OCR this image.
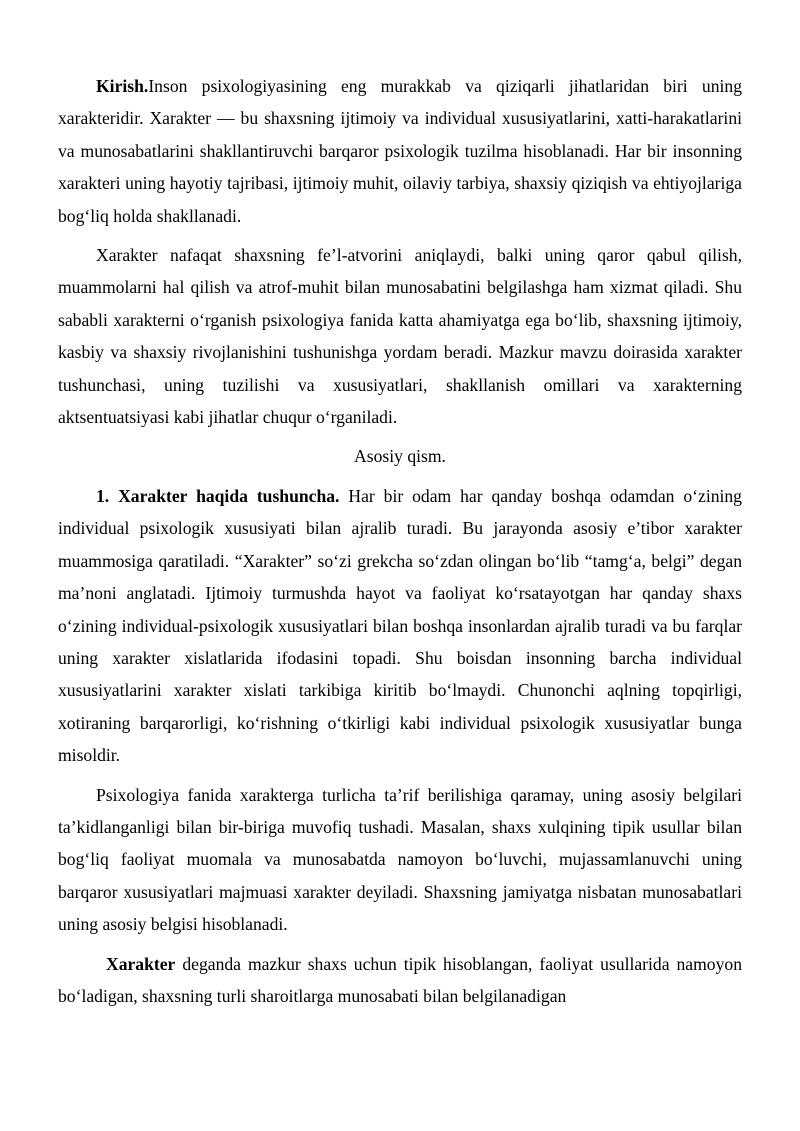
Kirish.Inson psixologiyasining eng murakkab va qiziqarli jihatlaridan biri uning xarakteridir. Xarakter — bu shaxsning ijtimoiy va individual xususiyatlarini, xatti-harakatlarini va munosabatlarini shakllantiruvchi barqaror psixologik tuzilma hisoblanadi. Har bir insonning xarakteri uning hayotiy tajribasi, ijtimoiy muhit, oilaviy tarbiya, shaxsiy qiziqish va ehtiyojlariga bog‘liq holda shakllanadi.

Xarakter nafaqat shaxsning fe’l-atvorini aniqlaydi, balki uning qaror qabul qilish, muammolarni hal qilish va atrof-muhit bilan munosabatini belgilashga ham xizmat qiladi. Shu sababli xarakterni o‘rganish psixologiya fanida katta ahamiyatga ega bo‘lib, shaxsning ijtimoiy, kasbiy va shaxsiy rivojlanishini tushunishga yordam beradi. Mazkur mavzu doirasida xarakter tushunchasi, uning tuzilishi va xususiyatlari, shakllanish omillari va xarakterning aktsentuatsiyasi kabi jihatlar chuqur o‘rganiladi.

Asosiy qism.

1. Xarakter haqida tushuncha. Har bir odam har qanday boshqa odamdan o‘zining individual psixologik xususiyati bilan ajralib turadi. Bu jarayonda asosiy e’tibor xarakter muammosiga qaratiladi. “Xarakter” so‘zi grekcha so‘zdan olingan bo‘lib “tamg‘a, belgi” degan ma’noni anglatadi. Ijtimoiy turmushda hayot va faoliyat ko‘rsatayotgan har qanday shaxs o‘zining individual-psixologik xususiyatlari bilan boshqa insonlardan ajralib turadi va bu farqlar uning xarakter xislatlarida ifodasini topadi. Shu boisdan insonning barcha individual xususiyatlarini xarakter xislati tarkibiga kiritib bo‘lmaydi. Chunonchi aqlning topqirligi, xotiraning barqarorligi, ko‘rishning o‘tkirligi kabi individual psixologik xususiyatlar bunga misoldir.

Psixologiya fanida xarakterga turlicha ta’rif berilishiga qaramay, uning asosiy belgilari ta’kidlanganligi bilan bir-biriga muvofiq tushadi. Masalan, shaxs xulqining tipik usullar bilan bog‘liq faoliyat muomala va munosabatda namoyon bo‘luvchi, mujassamlanuvchi uning barqaror xususiyatlari majmuasi xarakter deyiladi. Shaxsning jamiyatga nisbatan munosabatlari uning asosiy belgisi hisoblanadi.

Xarakter deganda mazkur shaxs uchun tipik hisoblangan, faoliyat usullarida namoyon bo‘ladigan, shaxsning turli sharoitlarga munosabati bilan belgilanadigan
